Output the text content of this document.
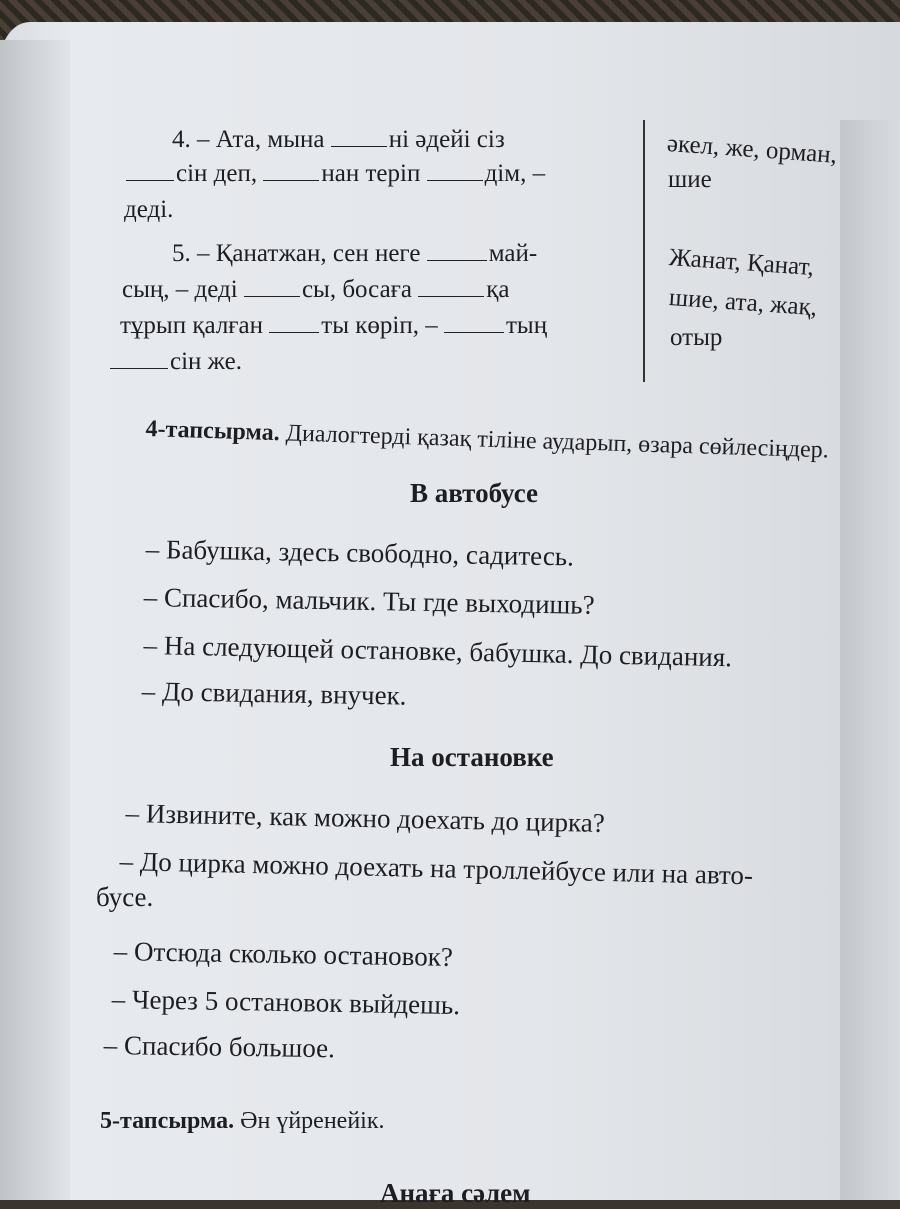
4. – Ата, мына	ні әдейі сіз
сін деп,	нан теріп	дім, –
деді.
5. – Қанатжан, сен неге	май-
сың, – деді	сы, босаға	қа
тұрып қалған ты көріп, –	тың
сін же.
әкел, же, орман,
шие
Жанат, Қанат,
шие, ата, жақ,
отыр
4-тапсырма. Диалогтерді қазақ тіліне аударып, өзара сөйлесіңдер.
В автобусе
– Бабушка, здесь свободно, садитесь.
– Спасибо, мальчик. Ты где выходишь?
– На следующей остановке, бабушка. До свидания.
– До свидания, внучек.
На остановке
– Извините, как можно доехать до цирка?
– До цирка можно доехать на троллейбусе или на авто-
бусе.
– Отсюда сколько остановок?
– Через 5 остановок выйдешь.
– Спасибо большое.
5-тапсырма. Ән үйренейік.
Анаға сәлем
